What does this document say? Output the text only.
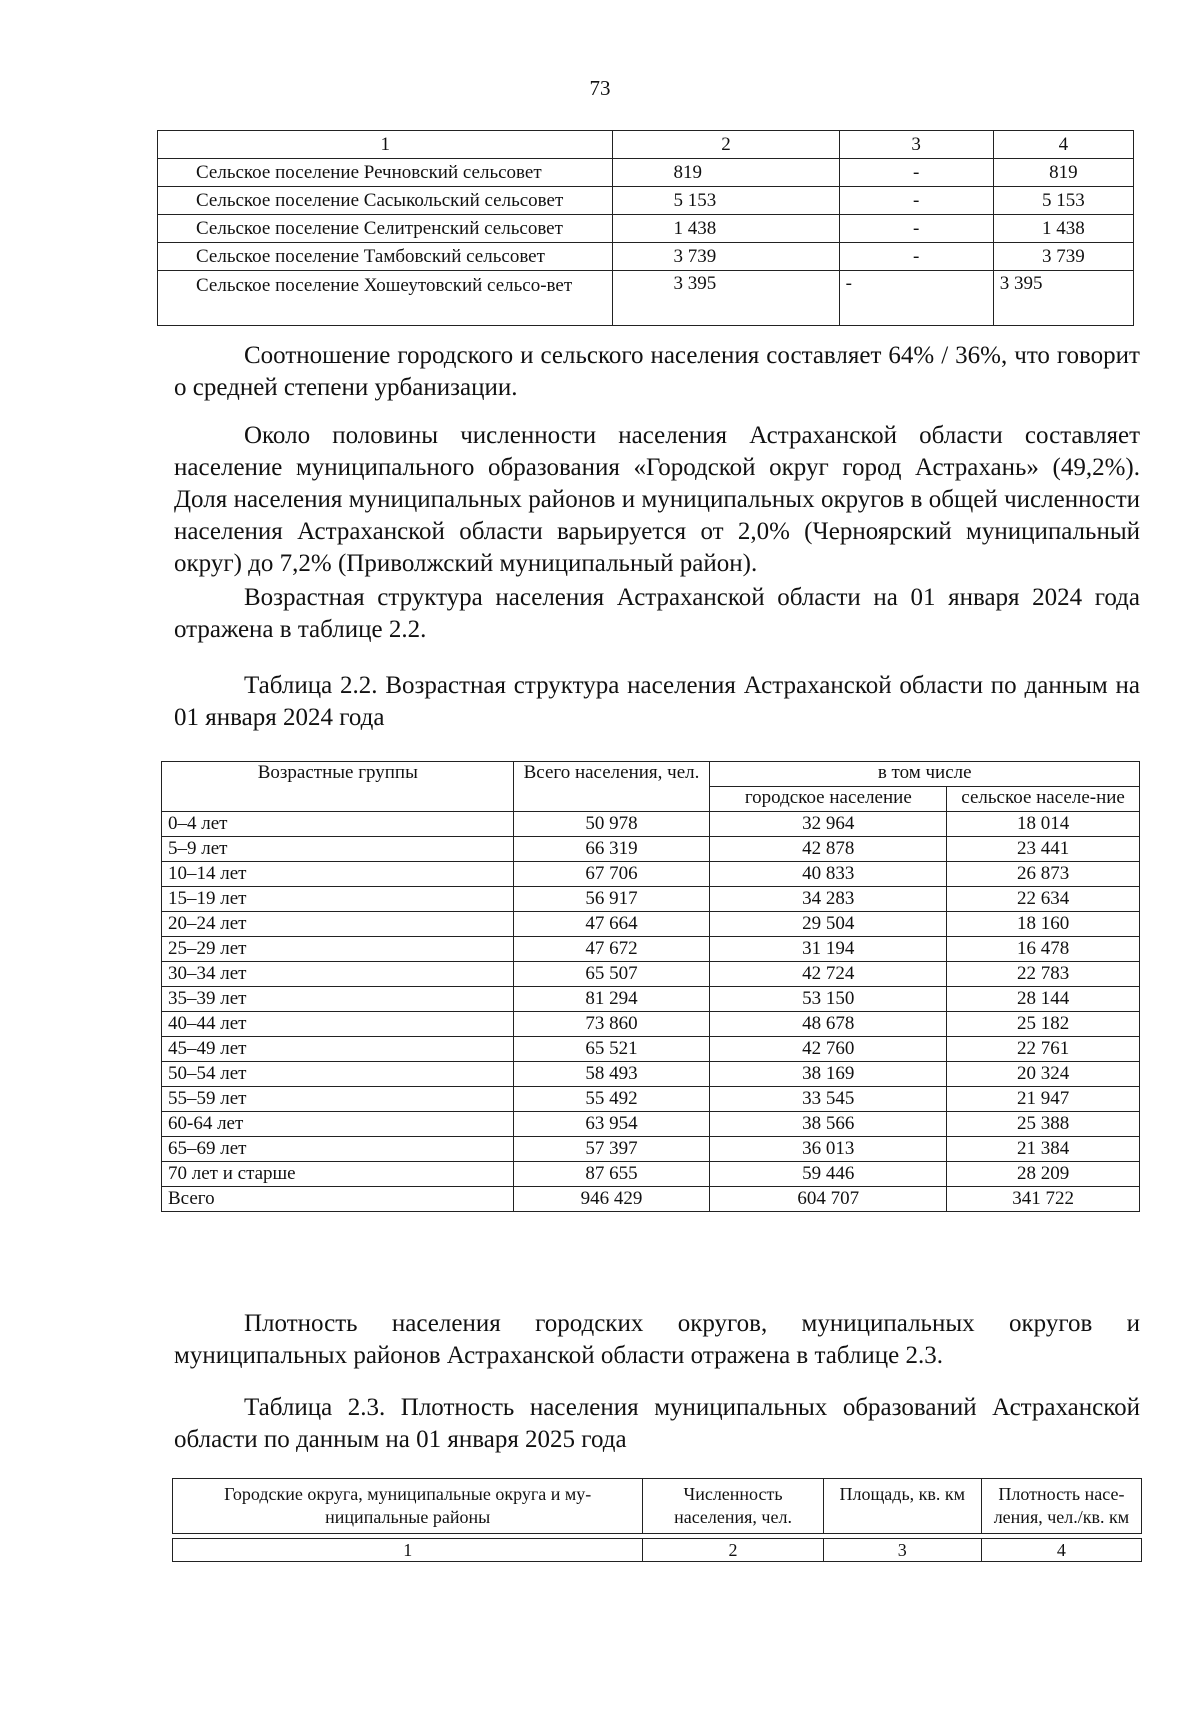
73
1	2	3	4
Сельское поселение Речновский сельсовет	819	-	819
Сельское поселение Сасыкольский сельсовет	5 153	-	5 153
Сельское поселение Селитренский сельсовет	1 438	-	1 438
Сельское поселение Тамбовский сельсовет	3 739	-	3 739
Сельское поселение Хошеутовский сельсо-вет	3 395	-	3 395

Соотношение городского и сельского населения составляет 64% / 36%, что говорит о средней степени урбанизации.

Около половины численности населения Астраханской области составляет население муниципального образования «Городской округ город Астрахань» (49,2%). Доля населения муниципальных районов и муниципальных округов в общей численности населения Астраханской области варьируется от 2,0% (Черноярский муниципальный округ) до 7,2% (Приволжский муниципальный район).

Возрастная структура населения Астраханской области на 01 января 2024 года отражена в таблице 2.2.

Таблица 2.2. Возрастная структура населения Астраханской области по данным на 01 января 2024 года

Возрастные группы	Всего населения, чел.	в том числе	
		городское население	сельское населе-ние
0–4 лет	50 978	32 964	18 014
5–9 лет	66 319	42 878	23 441
10–14 лет	67 706	40 833	26 873
15–19 лет	56 917	34 283	22 634
20–24 лет	47 664	29 504	18 160
25–29 лет	47 672	31 194	16 478
30–34 лет	65 507	42 724	22 783
35–39 лет	81 294	53 150	28 144
40–44 лет	73 860	48 678	25 182
45–49 лет	65 521	42 760	22 761
50–54 лет	58 493	38 169	20 324
55–59 лет	55 492	33 545	21 947
60-64 лет	63 954	38 566	25 388
65–69 лет	57 397	36 013	21 384
70 лет и старше	87 655	59 446	28 209
Всего	946 429	604 707	341 722

Плотность населения городских округов, муниципальных округов и муниципальных районов Астраханской области отражена в таблице 2.3.

Таблица 2.3. Плотность населения муниципальных образований Астраханской области по данным на 01 января 2025 года

Городские округа, муниципальные округа и му-ниципальные районы	Численность населения, чел.	Площадь, кв. км	Плотность насе-ления, чел./кв. км

1	2	3	4
